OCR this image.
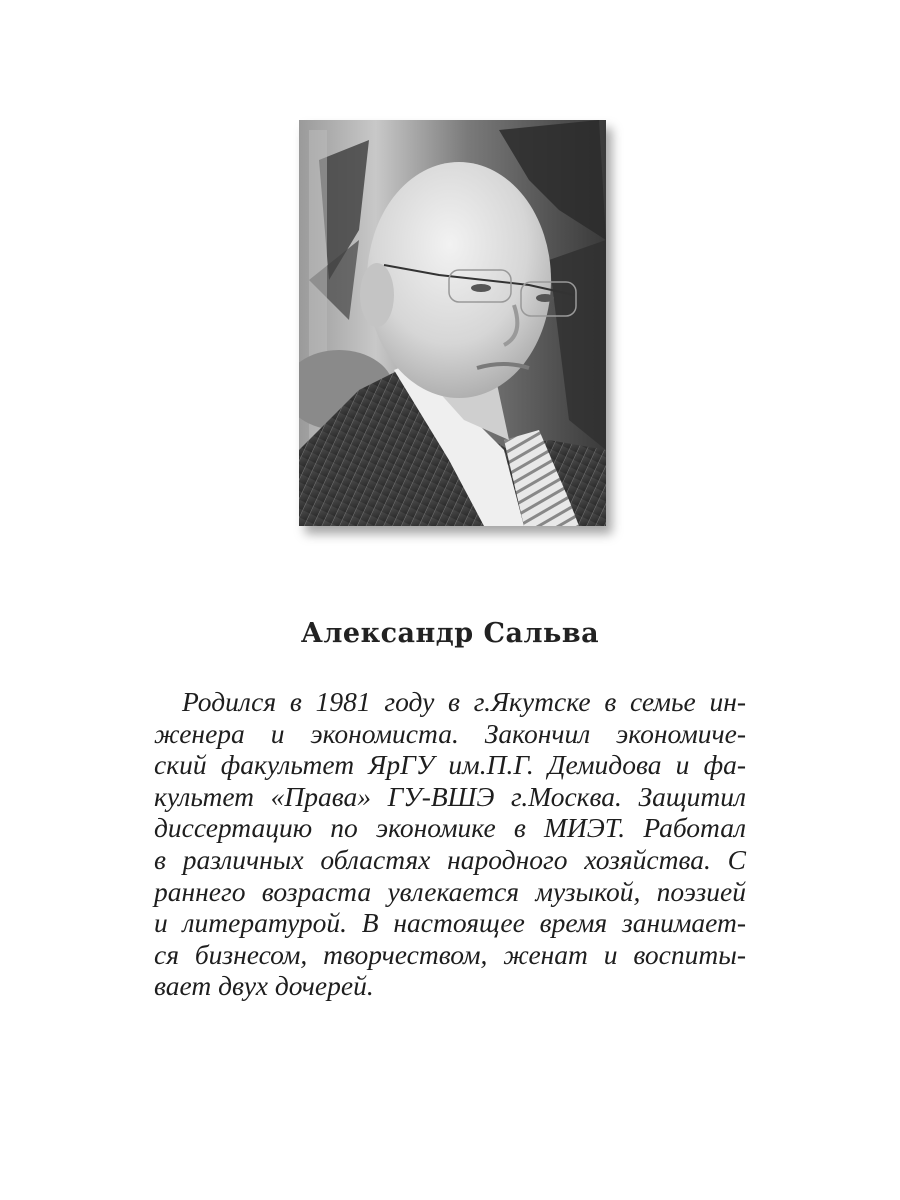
Александр Сальва
Родился в 1981 году в г.Якутске в семье ин-
женера и экономиста. Закончил экономиче-
ский факультет ЯрГУ им.П.Г. Демидова и фа-
культет «Права» ГУ-ВШЭ г.Москва. Защитил
диссертацию по экономике в МИЭТ. Работал
в различных областях народного хозяйства. С
раннего возраста увлекается музыкой, поэзией
и литературой. В настоящее время занимает-
ся бизнесом, творчеством, женат и воспиты-
вает двух дочерей.
